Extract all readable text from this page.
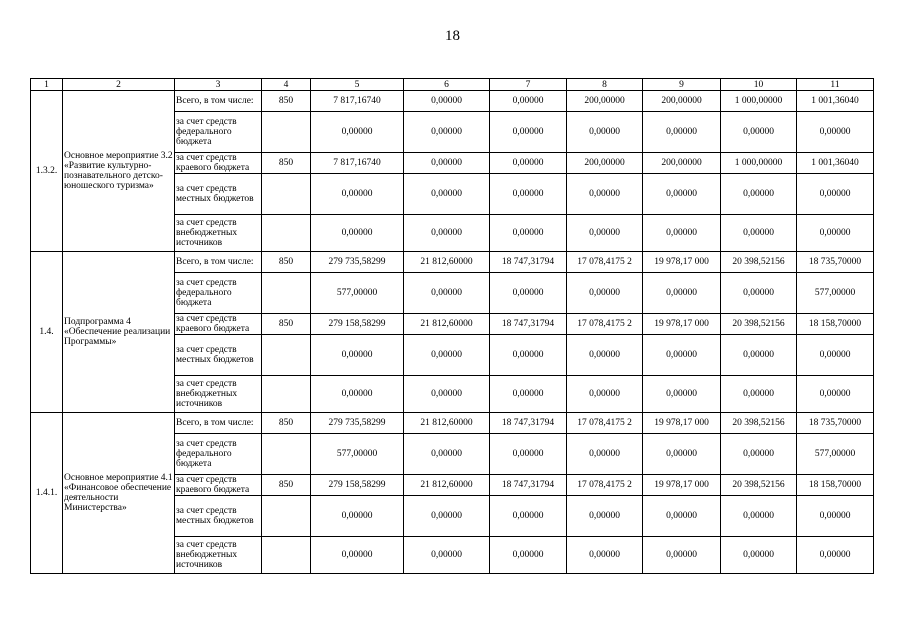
18
1	2	3	4	5	6	7	8	9	10	11
1.3.2.	Основное мероприятие 3.2 «Развитие культурно-познавательного детско-юношеского туризма»	Всего, в том числе:	850	7 817,16740	0,00000	0,00000	200,00000	200,00000	1 000,00000	1 001,36040
		за счет средств федерального бюджета		0,00000	0,00000	0,00000	0,00000	0,00000	0,00000	0,00000
		за счет средств краевого бюджета	850	7 817,16740	0,00000	0,00000	200,00000	200,00000	1 000,00000	1 001,36040
		за счет средств местных бюджетов		0,00000	0,00000	0,00000	0,00000	0,00000	0,00000	0,00000
		за счет средств внебюджетных источников		0,00000	0,00000	0,00000	0,00000	0,00000	0,00000	0,00000
1.4.	Подпрограмма 4 «Обеспечение реализации Программы»	Всего, в том числе:	850	279 735,58299	21 812,60000	18 747,31794	17 078,4175 2	19 978,17 000	20 398,52156	18 735,70000
		за счет средств федерального бюджета		577,00000	0,00000	0,00000	0,00000	0,00000	0,00000	577,00000
		за счет средств краевого бюджета	850	279 158,58299	21 812,60000	18 747,31794	17 078,4175 2	19 978,17 000	20 398,52156	18 158,70000
		за счет средств местных бюджетов		0,00000	0,00000	0,00000	0,00000	0,00000	0,00000	0,00000
		за счет средств внебюджетных источников		0,00000	0,00000	0,00000	0,00000	0,00000	0,00000	0,00000
1.4.1.	Основное мероприятие 4.1 «Финансовое обеспечение деятельности Министерства»	Всего, в том числе:	850	279 735,58299	21 812,60000	18 747,31794	17 078,4175 2	19 978,17 000	20 398,52156	18 735,70000
		за счет средств федерального бюджета		577,00000	0,00000	0,00000	0,00000	0,00000	0,00000	577,00000
		за счет средств краевого бюджета	850	279 158,58299	21 812,60000	18 747,31794	17 078,4175 2	19 978,17 000	20 398,52156	18 158,70000
		за счет средств местных бюджетов		0,00000	0,00000	0,00000	0,00000	0,00000	0,00000	0,00000
		за счет средств внебюджетных источников		0,00000	0,00000	0,00000	0,00000	0,00000	0,00000	0,00000
